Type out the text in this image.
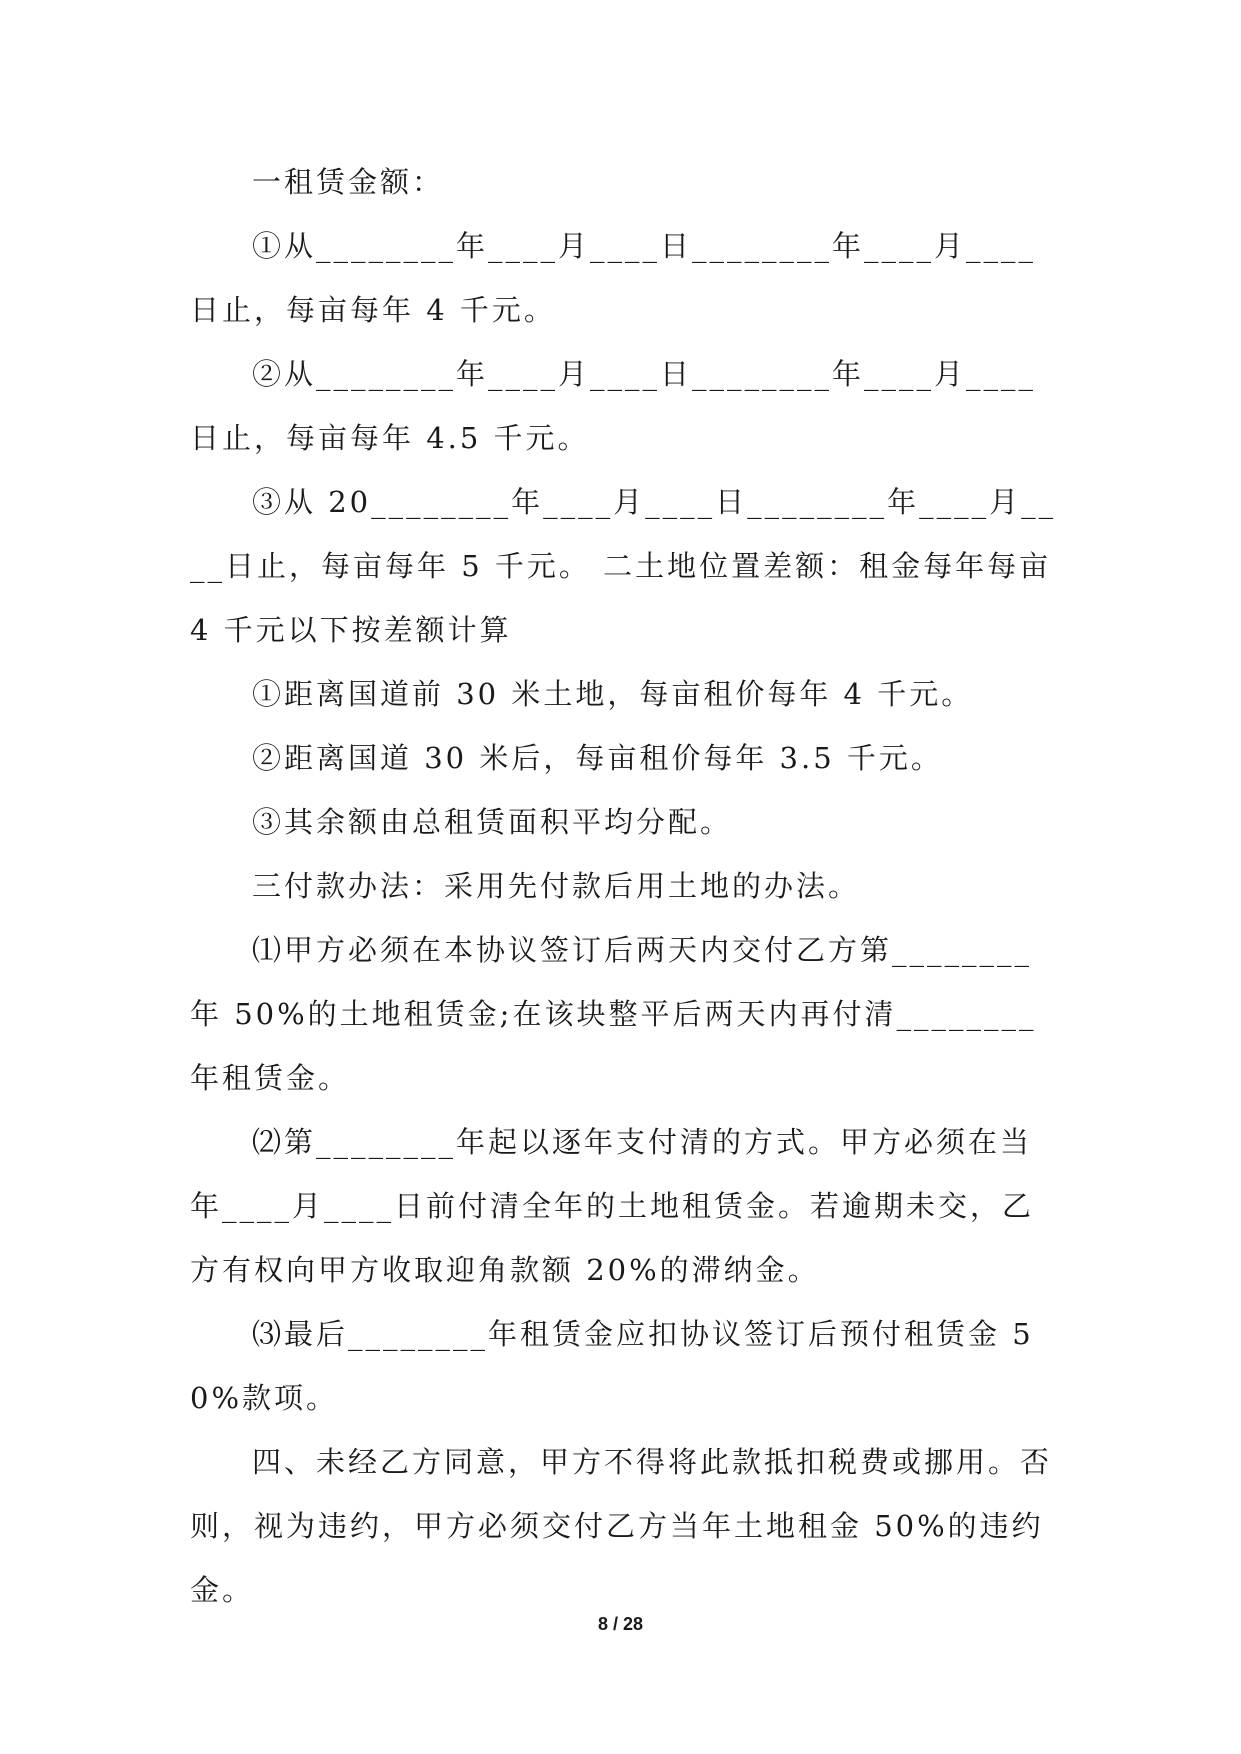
一租赁金额：

①从________年____月____日________年____月____日止，每亩每年 4 千元。

②从________年____月____日________年____月____日止，每亩每年 4.5 千元。

③从 20________年____月____日________年____月____日止，每亩每年 5 千元。 二土地位置差额：租金每年每亩 4 千元以下按差额计算

①距离国道前 30 米土地，每亩租价每年 4 千元。

②距离国道 30 米后，每亩租价每年 3.5 千元。

③其余额由总租赁面积平均分配。

三付款办法：采用先付款后用土地的办法。

⑴甲方必须在本协议签订后两天内交付乙方第________年 50%的土地租赁金;在该块整平后两天内再付清________年租赁金。

⑵第________年起以逐年支付清的方式。甲方必须在当年____月____日前付清全年的土地租赁金。若逾期未交，乙方有权向甲方收取迎角款额 20%的滞纳金。

⑶最后________年租赁金应扣协议签订后预付租赁金 50%款项。

四、未经乙方同意，甲方不得将此款抵扣税费或挪用。否则，视为违约，甲方必须交付乙方当年土地租金 50%的违约金。

8 / 28
